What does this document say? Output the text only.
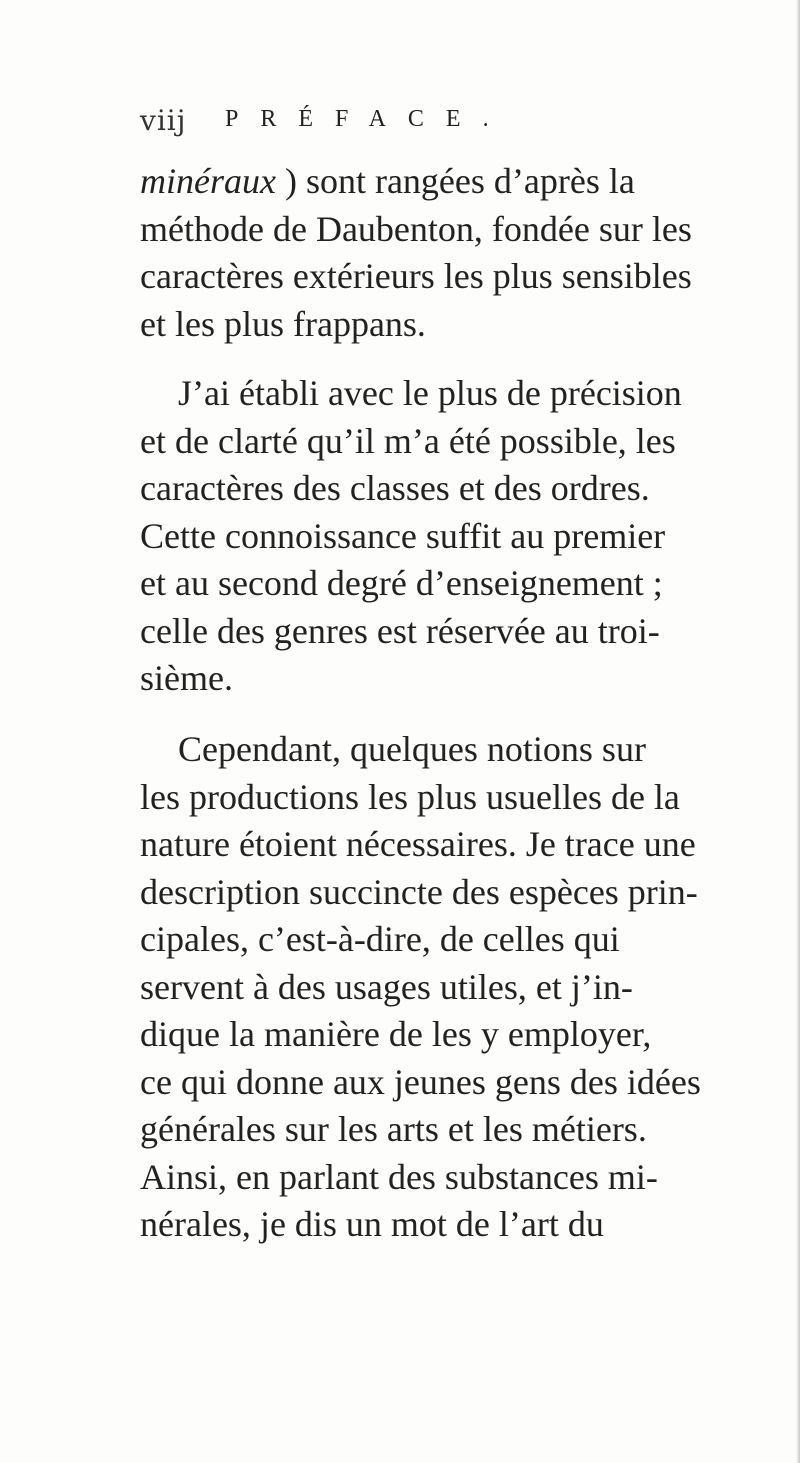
viij PRÉFACE.
minéraux ) sont rangées d’après la
méthode de Daubenton, fondée sur les
caractères extérieurs les plus sensibles
et les plus frappans.
J’ai établi avec le plus de précision
et de clarté qu’il m’a été possible, les
caractères des classes et des ordres.
Cette connoissance suffit au premier
et au second degré d’enseignement ;
celle des genres est réservée au troi-
sième.
Cependant, quelques notions sur
les productions les plus usuelles de la
nature étoient nécessaires. Je trace une
description succincte des espèces prin-
cipales, c’est-à-dire, de celles qui
servent à des usages utiles, et j’in-
dique la manière de les y employer,
ce qui donne aux jeunes gens des idées
générales sur les arts et les métiers.
Ainsi, en parlant des substances mi-
nérales, je dis un mot de l’art du
